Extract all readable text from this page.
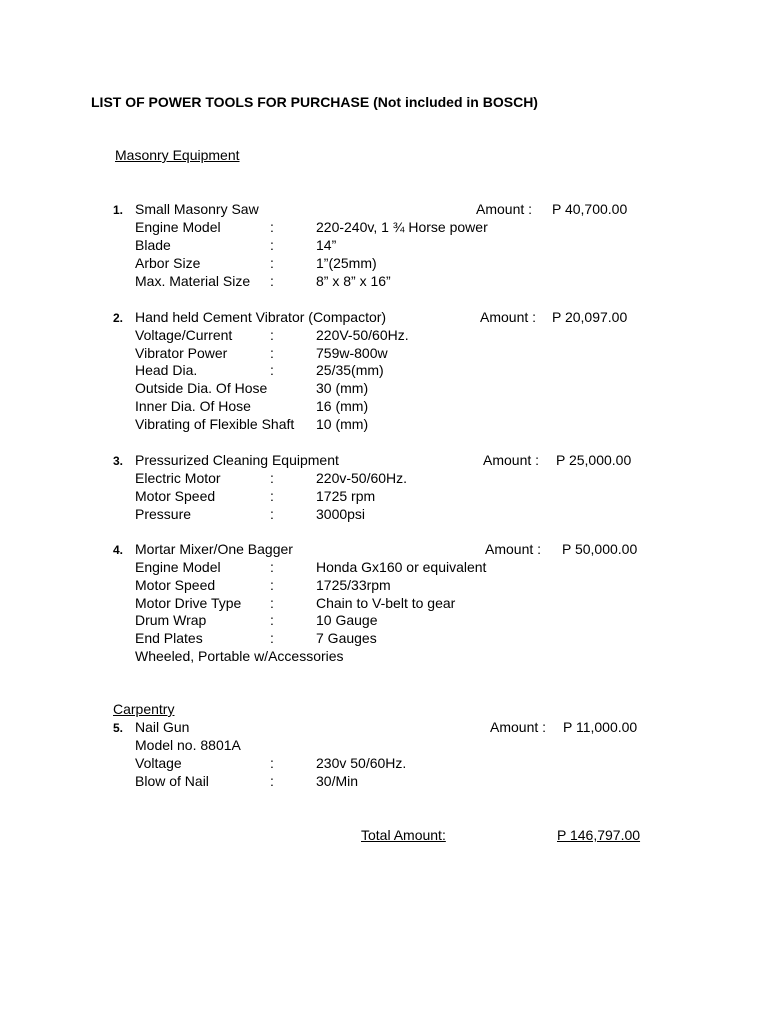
LIST OF POWER TOOLS FOR PURCHASE (Not included in BOSCH)
Masonry Equipment
1. Small Masonry Saw	Amount : P 40,700.00
Engine Model	:	220-240v, 1 ¾ Horse power
Blade	:	14”
Arbor Size	:	1”(25mm)
Max. Material Size :	8” x 8” x 16”
2. Hand held Cement Vibrator (Compactor)	Amount : P 20,097.00
Voltage/Current	:	220V-50/60Hz.
Vibrator Power	:	759w-800w
Head Dia.	:	25/35(mm)
Outside Dia. Of Hose	30 (mm)
Inner Dia. Of Hose	16 (mm)
Vibrating of Flexible Shaft 10 (mm)
3. Pressurized Cleaning Equipment	Amount : P 25,000.00
Electric Motor	:	220v-50/60Hz.
Motor Speed	:	1725 rpm
Pressure	:	3000psi
4. Mortar Mixer/One Bagger	Amount : P 50,000.00
Engine Model	:	Honda Gx160 or equivalent
Motor Speed	:	1725/33rpm
Motor Drive Type :	Chain to V-belt to gear
Drum Wrap	:	10 Gauge
End Plates	:	7 Gauges
Wheeled, Portable w/Accessories
Carpentry
5. Nail Gun	Amount : P 11,000.00
Model no. 8801A
Voltage	:	230v 50/60Hz.
Blow of Nail	:	30/Min
Total Amount:	P 146,797.00
